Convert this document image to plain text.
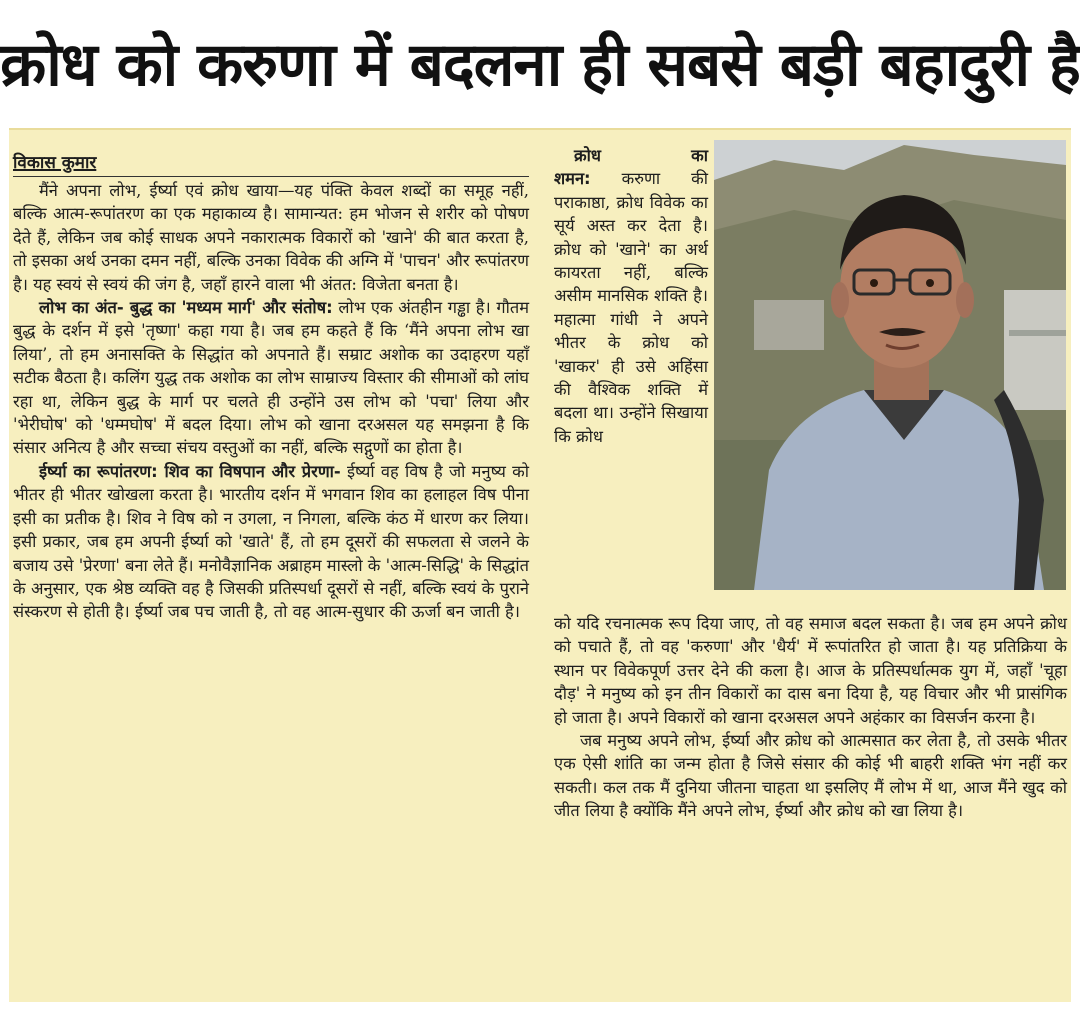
क्रोध को करुणा में बदलना ही सबसे बड़ी बहादुरी है
विकास कुमार

मैंने अपना लोभ, ईर्ष्या एवं क्रोध खाया—यह पंक्ति केवल शब्दों का समूह नहीं, बल्कि आत्म-रूपांतरण का एक महाकाव्य है। सामान्यत: हम भोजन से शरीर को पोषण देते हैं, लेकिन जब कोई साधक अपने नकारात्मक विकारों को 'खाने' की बात करता है, तो इसका अर्थ उनका दमन नहीं, बल्कि उनका विवेक की अग्नि में 'पाचन' और रूपांतरण है। यह स्वयं से स्वयं की जंग है, जहाँ हारने वाला भी अंतत: विजेता बनता है।

लोभ का अंत- बुद्ध का 'मध्यम मार्ग' और संतोष: लोभ एक अंतहीन गड्ढा है। गौतम बुद्ध के दर्शन में इसे 'तृष्णा' कहा गया है। जब हम कहते हैं कि ‘मैंने अपना लोभ खा लिया’, तो हम अनासक्ति के सिद्धांत को अपनाते हैं। सम्राट अशोक का उदाहरण यहाँ सटीक बैठता है। कलिंग युद्ध तक अशोक का लोभ साम्राज्य विस्तार की सीमाओं को लांघ रहा था, लेकिन बुद्ध के मार्ग पर चलते ही उन्होंने उस लोभ को 'पचा' लिया और 'भेरीघोष' को 'धम्मघोष' में बदल दिया। लोभ को खाना दरअसल यह समझना है कि संसार अनित्य है और सच्चा संचय वस्तुओं का नहीं, बल्कि सद्गुणों का होता है।

ईर्ष्या का रूपांतरण: शिव का विषपान और प्रेरणा- ईर्ष्या वह विष है जो मनुष्य को भीतर ही भीतर खोखला करता है। भारतीय दर्शन में भगवान शिव का हलाहल विष पीना इसी का प्रतीक है। शिव ने विष को न उगला, न निगला, बल्कि कंठ में धारण कर लिया। इसी प्रकार, जब हम अपनी ईर्ष्या को 'खाते' हैं, तो हम दूसरों की सफलता से जलने के बजाय उसे 'प्रेरणा' बना लेते हैं। मनोवैज्ञानिक अब्राहम मास्लो के 'आत्म-सिद्धि' के सिद्धांत के अनुसार, एक श्रेष्ठ व्यक्ति वह है जिसकी प्रतिस्पर्धा दूसरों से नहीं, बल्कि स्वयं के पुराने संस्करण से होती है। ईर्ष्या जब पच जाती है, तो वह आत्म-सुधार की ऊर्जा बन जाती है।

क्रोध का

शमन: करुणा की पराकाष्ठा, क्रोध विवेक का सूर्य अस्त कर देता है। क्रोध को 'खाने' का अर्थ कायरता नहीं, बल्कि असीम मानसिक शक्ति है। महात्मा गांधी ने अपने भीतर के क्रोध को 'खाकर' ही उसे अहिंसा की वैश्विक शक्ति में बदला था। उन्होंने सिखाया कि क्रोध

को यदि रचनात्मक रूप दिया जाए, तो वह समाज बदल सकता है। जब हम अपने क्रोध को पचाते हैं, तो वह 'करुणा' और 'धैर्य' में रूपांतरित हो जाता है। यह प्रतिक्रिया के स्थान पर विवेकपूर्ण उत्तर देने की कला है। आज के प्रतिस्पर्धात्मक युग में, जहाँ 'चूहा दौड़' ने मनुष्य को इन तीन विकारों का दास बना दिया है, यह विचार और भी प्रासंगिक हो जाता है। अपने विकारों को खाना दरअसल अपने अहंकार का विसर्जन करना है।

जब मनुष्य अपने लोभ, ईर्ष्या और क्रोध को आत्मसात कर लेता है, तो उसके भीतर एक ऐसी शांति का जन्म होता है जिसे संसार की कोई भी बाहरी शक्ति भंग नहीं कर सकती। कल तक मैं दुनिया जीतना चाहता था इसलिए मैं लोभ में था, आज मैंने खुद को जीत लिया है क्योंकि मैंने अपने लोभ, ईर्ष्या और क्रोध को खा लिया है।
